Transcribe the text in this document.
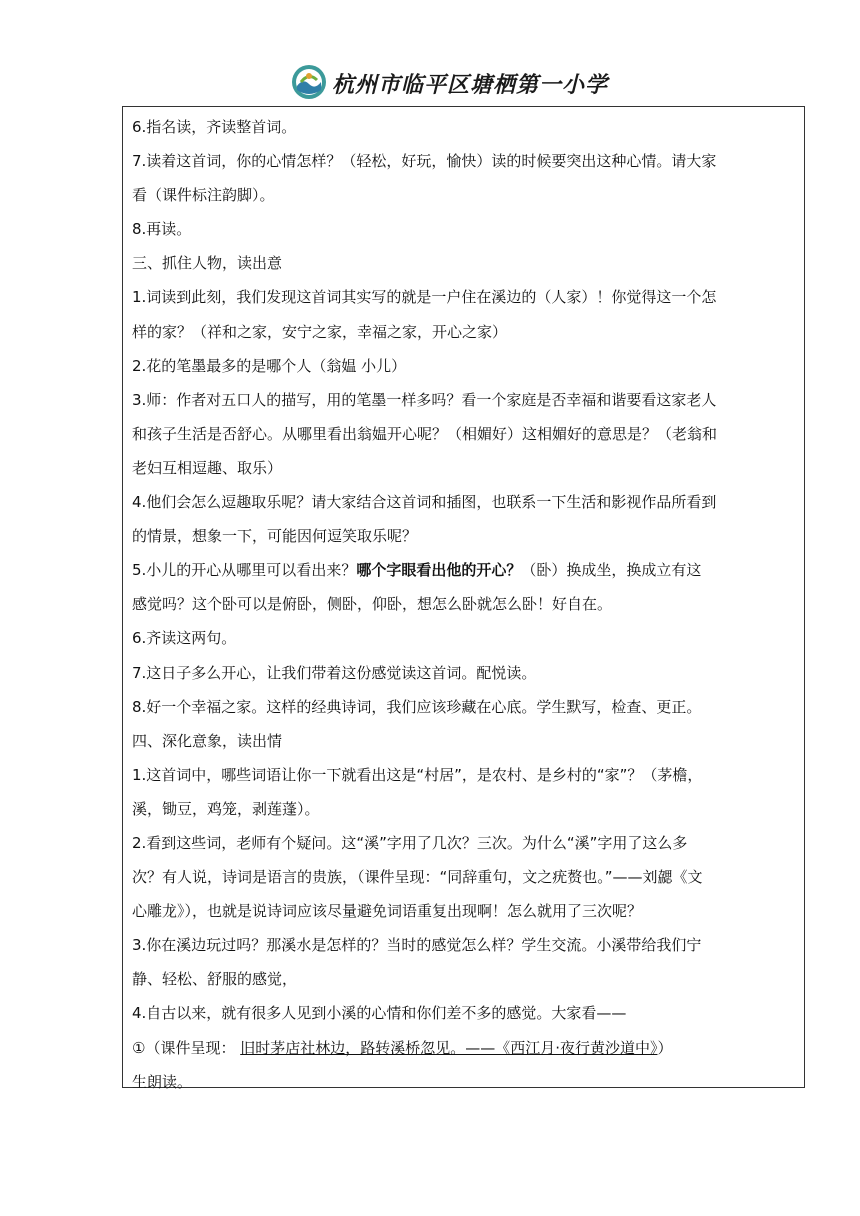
杭州市临平区塘栖第一小学
6.指名读，齐读整首词。
7.读着这首词，你的心情怎样？（轻松，好玩，愉快）读的时候要突出这种心情。请大家
看（课件标注韵脚）。
8.再读。
三、抓住人物，读出意
1.词读到此刻，我们发现这首词其实写的就是一户住在溪边的（人家）！你觉得这一个怎
样的家？（祥和之家，安宁之家，幸福之家，开心之家）
2.花的笔墨最多的是哪个人（翁媪 小儿）
3.师：作者对五口人的描写，用的笔墨一样多吗？看一个家庭是否幸福和谐要看这家老人
和孩子生活是否舒心。从哪里看出翁媪开心呢？（相媚好）这相媚好的意思是？（老翁和
老妇互相逗趣、取乐）
4.他们会怎么逗趣取乐呢？请大家结合这首词和插图，也联系一下生活和影视作品所看到
的情景，想象一下，可能因何逗笑取乐呢？
5.小儿的开心从哪里可以看出来？哪个字眼看出他的开心？（卧）换成坐，换成立有这
感觉吗？这个卧可以是俯卧，侧卧，仰卧，想怎么卧就怎么卧！好自在。
6.齐读这两句。
7.这日子多么开心，让我们带着这份感觉读这首词。配悦读。
8.好一个幸福之家。这样的经典诗词，我们应该珍藏在心底。学生默写，检查、更正。
四、深化意象，读出情
1.这首词中，哪些词语让你一下就看出这是“村居”，是农村、是乡村的“家”？（茅檐，
溪，锄豆，鸡笼，剥莲蓬）。
2.看到这些词，老师有个疑问。这“溪”字用了几次？三次。为什么“溪”字用了这么多
次？有人说，诗词是语言的贵族，（课件呈现：“同辞重句，文之疣赘也。”——刘勰《文
心雕龙》），也就是说诗词应该尽量避免词语重复出现啊！怎么就用了三次呢？
3.你在溪边玩过吗？那溪水是怎样的？当时的感觉怎么样？学生交流。小溪带给我们宁
静、轻松、舒服的感觉，
4.自古以来，就有很多人见到小溪的心情和你们差不多的感觉。大家看——
①（课件呈现： 旧时茅店社林边，路转溪桥忽见。——《西江月·夜行黄沙道中》）
生朗读。
